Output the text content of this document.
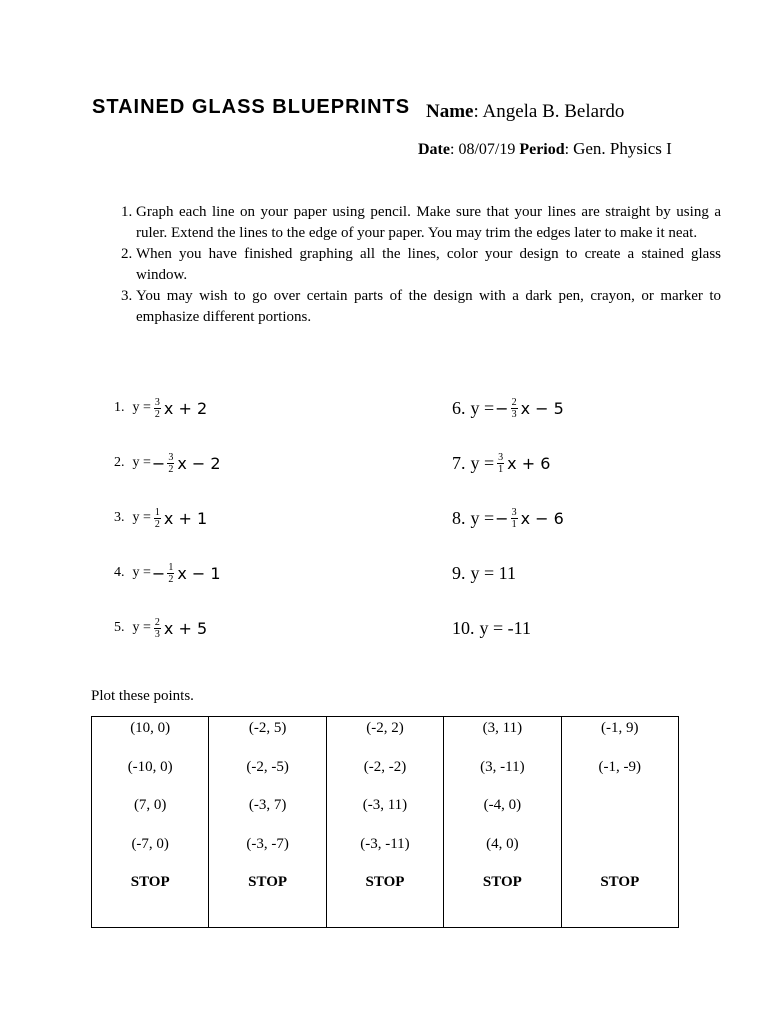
STAINED GLASS BLUEPRINTS Name: Angela B. Belardo
Date: 08/07/19 Period: Gen. Physics I
1. Graph each line on your paper using pencil. Make sure that your lines are straight by using a ruler. Extend the lines to the edge of your paper. You may trim the edges later to make it neat.
2. When you have finished graphing all the lines, color your design to create a stained glass window.
3. You may wish to go over certain parts of the design with a dark pen, crayon, or marker to emphasize different portions.
1. $y = \frac{3}{2}$ x + 2
2. y = − $\frac{3}{2}$ x − 2
3. $y = \frac{1}{2}$ x + 1
4. y = − $\frac{1}{2}$ x − 1
5. $y = \frac{2}{3}$ x + 5
6. y = − $\frac{2}{3}$ x − 5
7. $y = \frac{3}{1}$ x + 6
8. y = − $\frac{3}{1}$ x − 6
9. y = 11
10. y = -11
Plot these points.
(10, 0)
(-10, 0)
(7, 0)
(-7, 0)
STOP

(-2, 5)
(-2, -5)
(-3, 7)
(-3, -7)
STOP

(-2, 2)
(-2, -2)
(-3, 11)
(-3, -11)
STOP

(3, 11)
(3, -11)
(-4, 0)
(4, 0)
STOP

(-1, 9)
(-1, -9)
STOP
